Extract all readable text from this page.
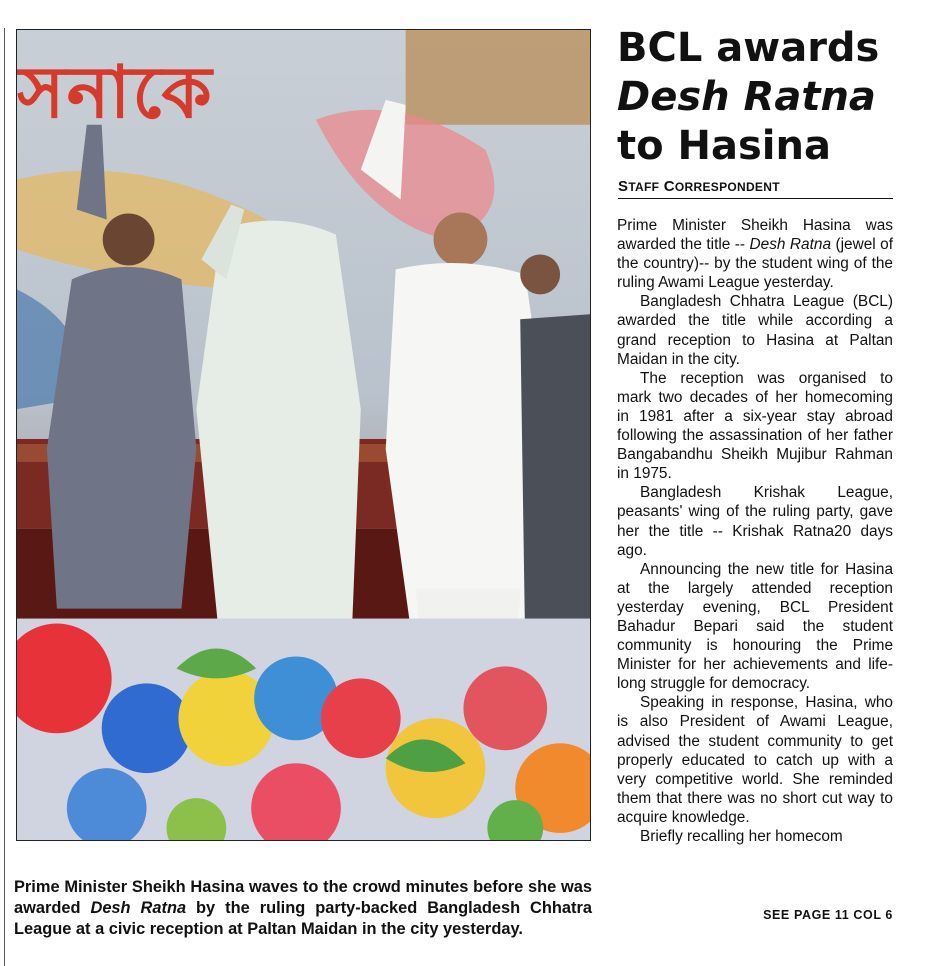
সনাকে
Prime Minister Sheikh Hasina waves to the crowd minutes before she was awarded Desh Ratna by the ruling party-backed Bangladesh Chhatra League at a civic reception at Paltan Maidan in the city yesterday.
BCL awards
Desh Ratna
to Hasina
STAFF CORRESPONDENT

Prime Minister Sheikh Hasina was awarded the title -- Desh Ratna (jewel of the country)-- by the student wing of the ruling Awami League yesterday.

Bangladesh Chhatra League (BCL) awarded the title while according a grand reception to Hasina at Paltan Maidan in the city.

The reception was organised to mark two decades of her homecoming in 1981 after a six-year stay abroad following the assassination of her father Bangabandhu Sheikh Mujibur Rahman in 1975.

Bangladesh Krishak League, peasants' wing of the ruling party, gave her the title -- Krishak Ratna20 days ago.

Announcing the new title for Hasina at the largely attended reception yesterday evening, BCL President Bahadur Bepari said the student community is honouring the Prime Minister for her achievements and life-long struggle for democracy.

Speaking in response, Hasina, who is also President of Awami League, advised the student community to get properly educated to catch up with a very competitive world. She reminded them that there was no short cut way to acquire knowledge.

Briefly recalling her homecom

SEE PAGE 11 COL 6
